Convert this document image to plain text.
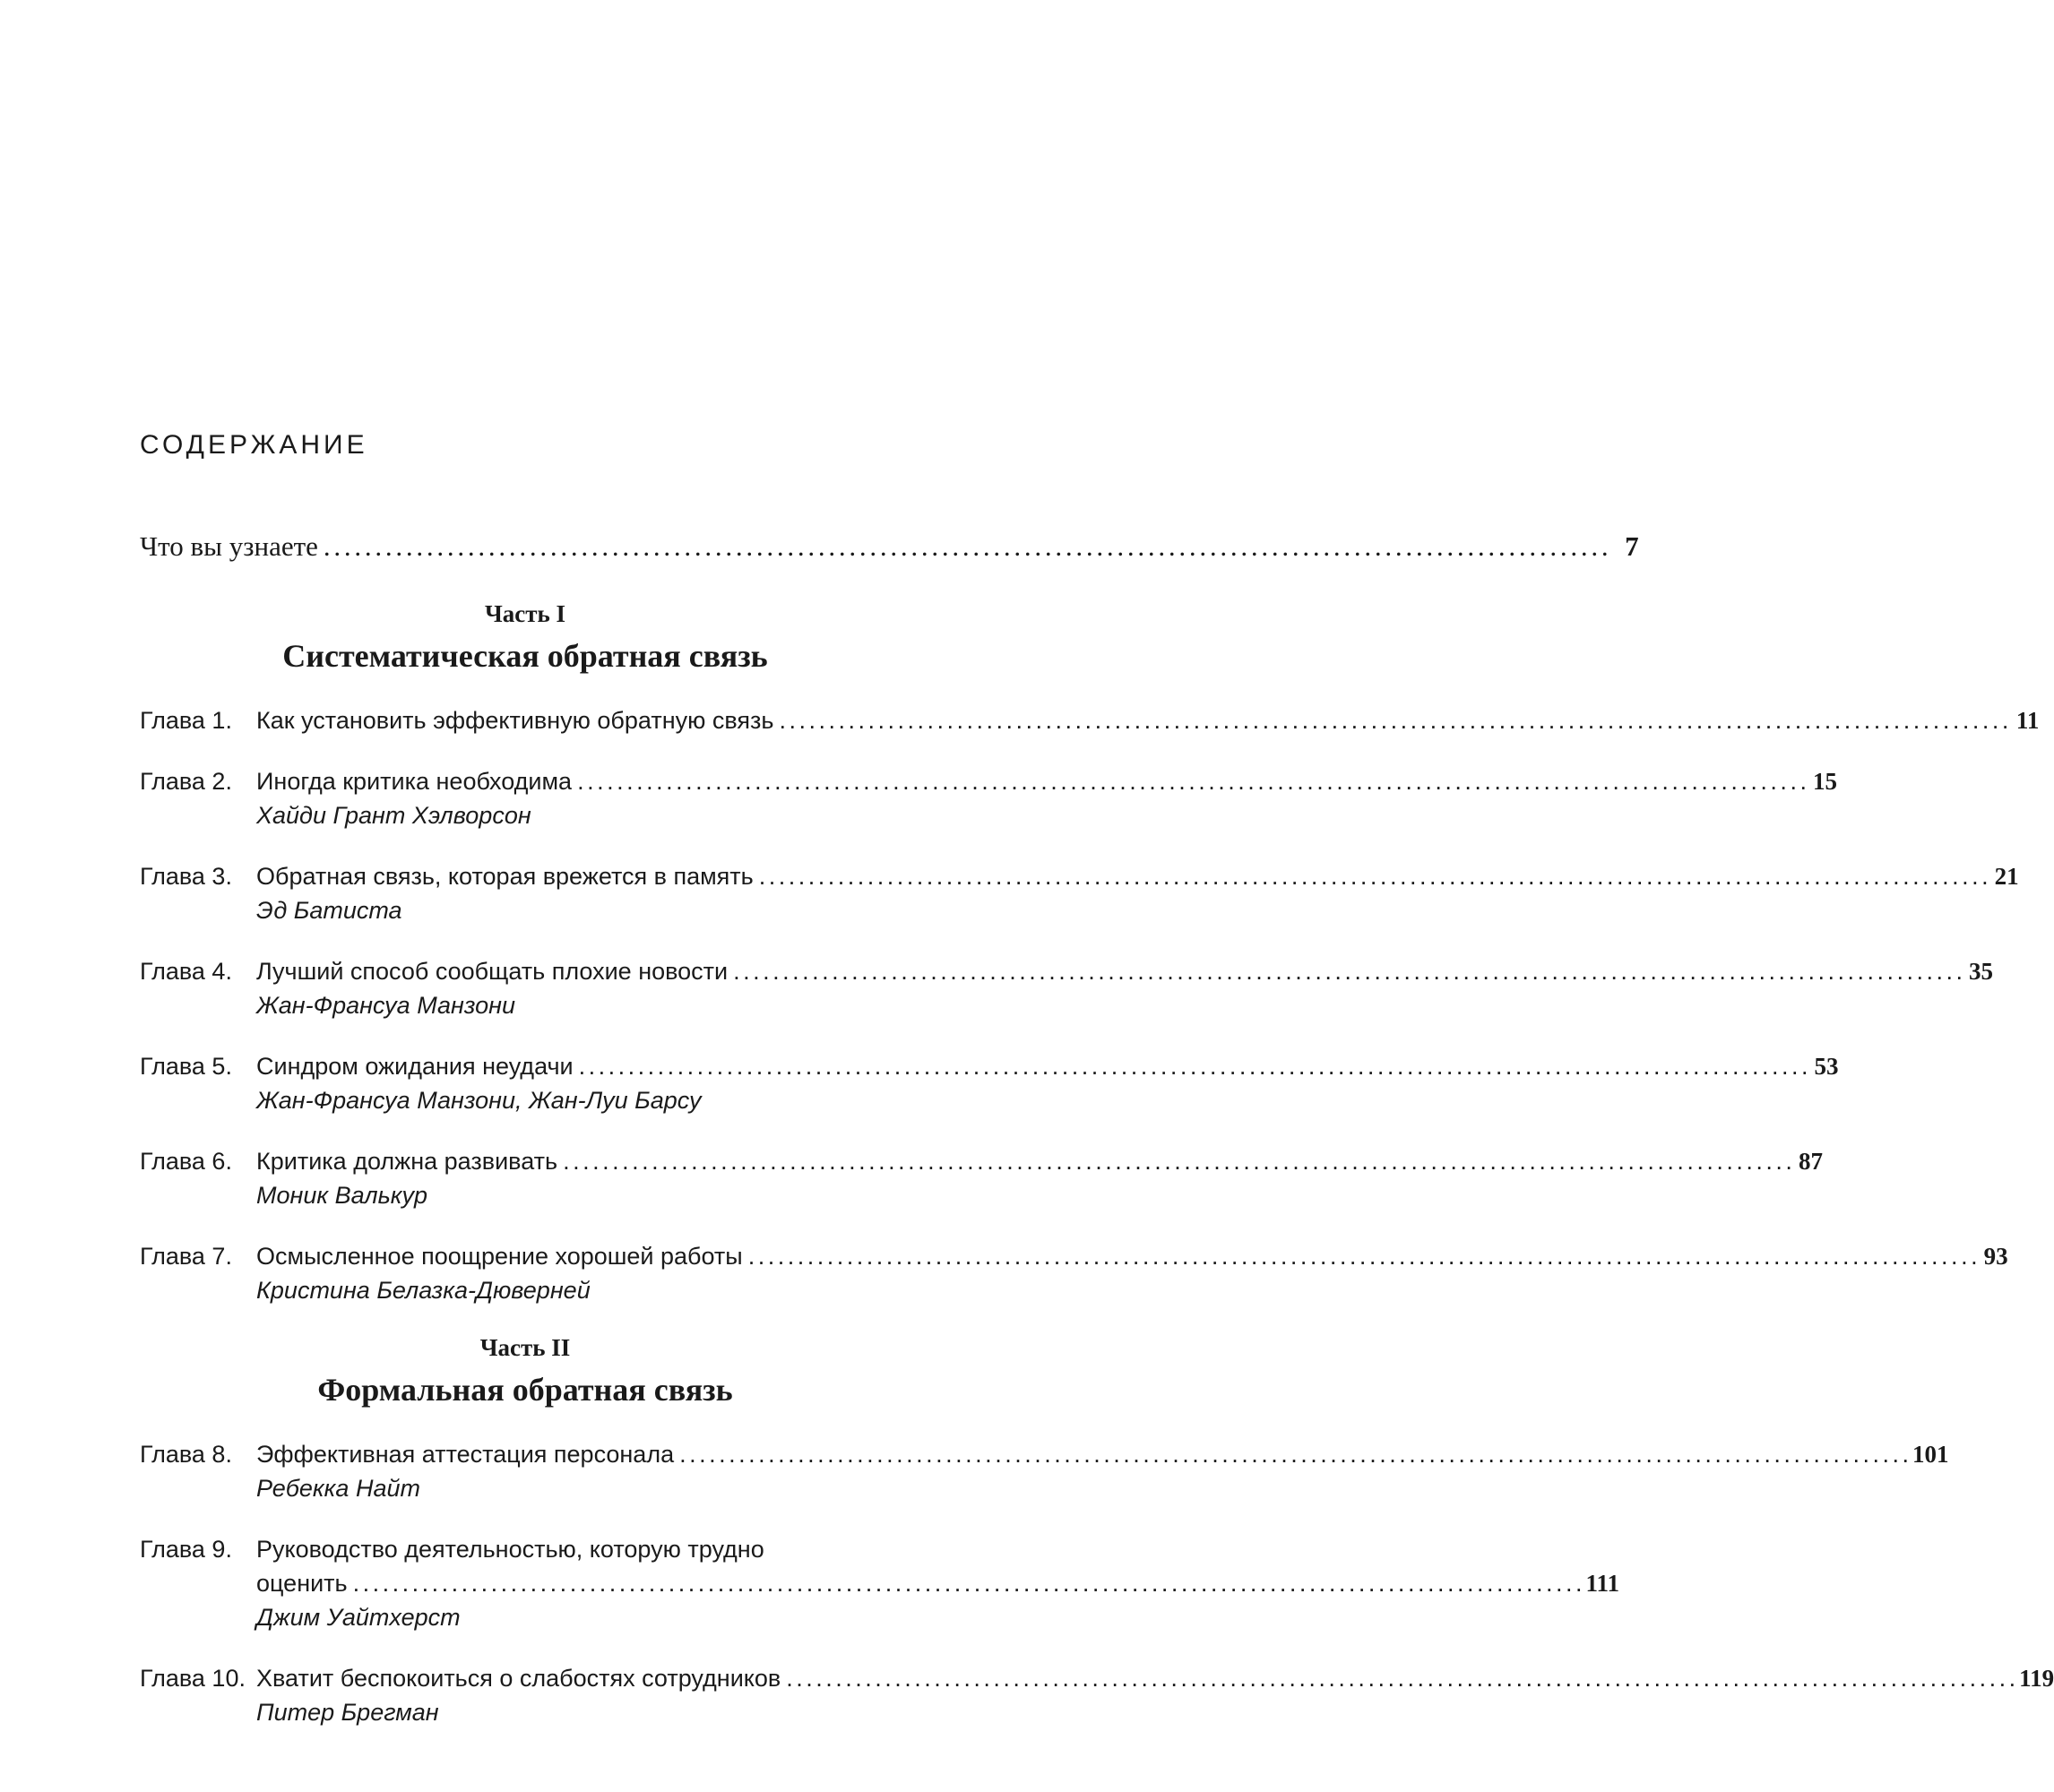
СОДЕРЖАНИЕ
Что вы узнаете . . .	7
Часть I
Систематическая обратная связь
Глава 1.	Как установить эффективную обратную связь . . .	11
Глава 2.	Иногда критика необходима . . .	15
Хайди Грант Хэлворсон
Глава 3.	Обратная связь, которая врежется в память . . .	21
Эд Батиста
Глава 4.	Лучший способ сообщать плохие новости . . .	35
Жан-Франсуа Манзони
Глава 5.	Синдром ожидания неудачи . . .	53
Жан-Франсуа Манзони, Жан-Луи Барсу
Глава 6.	Критика должна развивать . . .	87
Моник Валькур
Глава 7.	Осмысленное поощрение хорошей работы . . .	93
Кристина Белазка-Дюверней
Часть II
Формальная обратная связь
Глава 8.	Эффективная аттестация персонала . . .	101
Ребекка Найт
Глава 9.	Руководство деятельностью, которую трудно
оценить . . .	111
Джим Уайтхерст
Глава 10. Хватит беспокоиться о слабостях сотрудников . . .	119
Питер Брегман
